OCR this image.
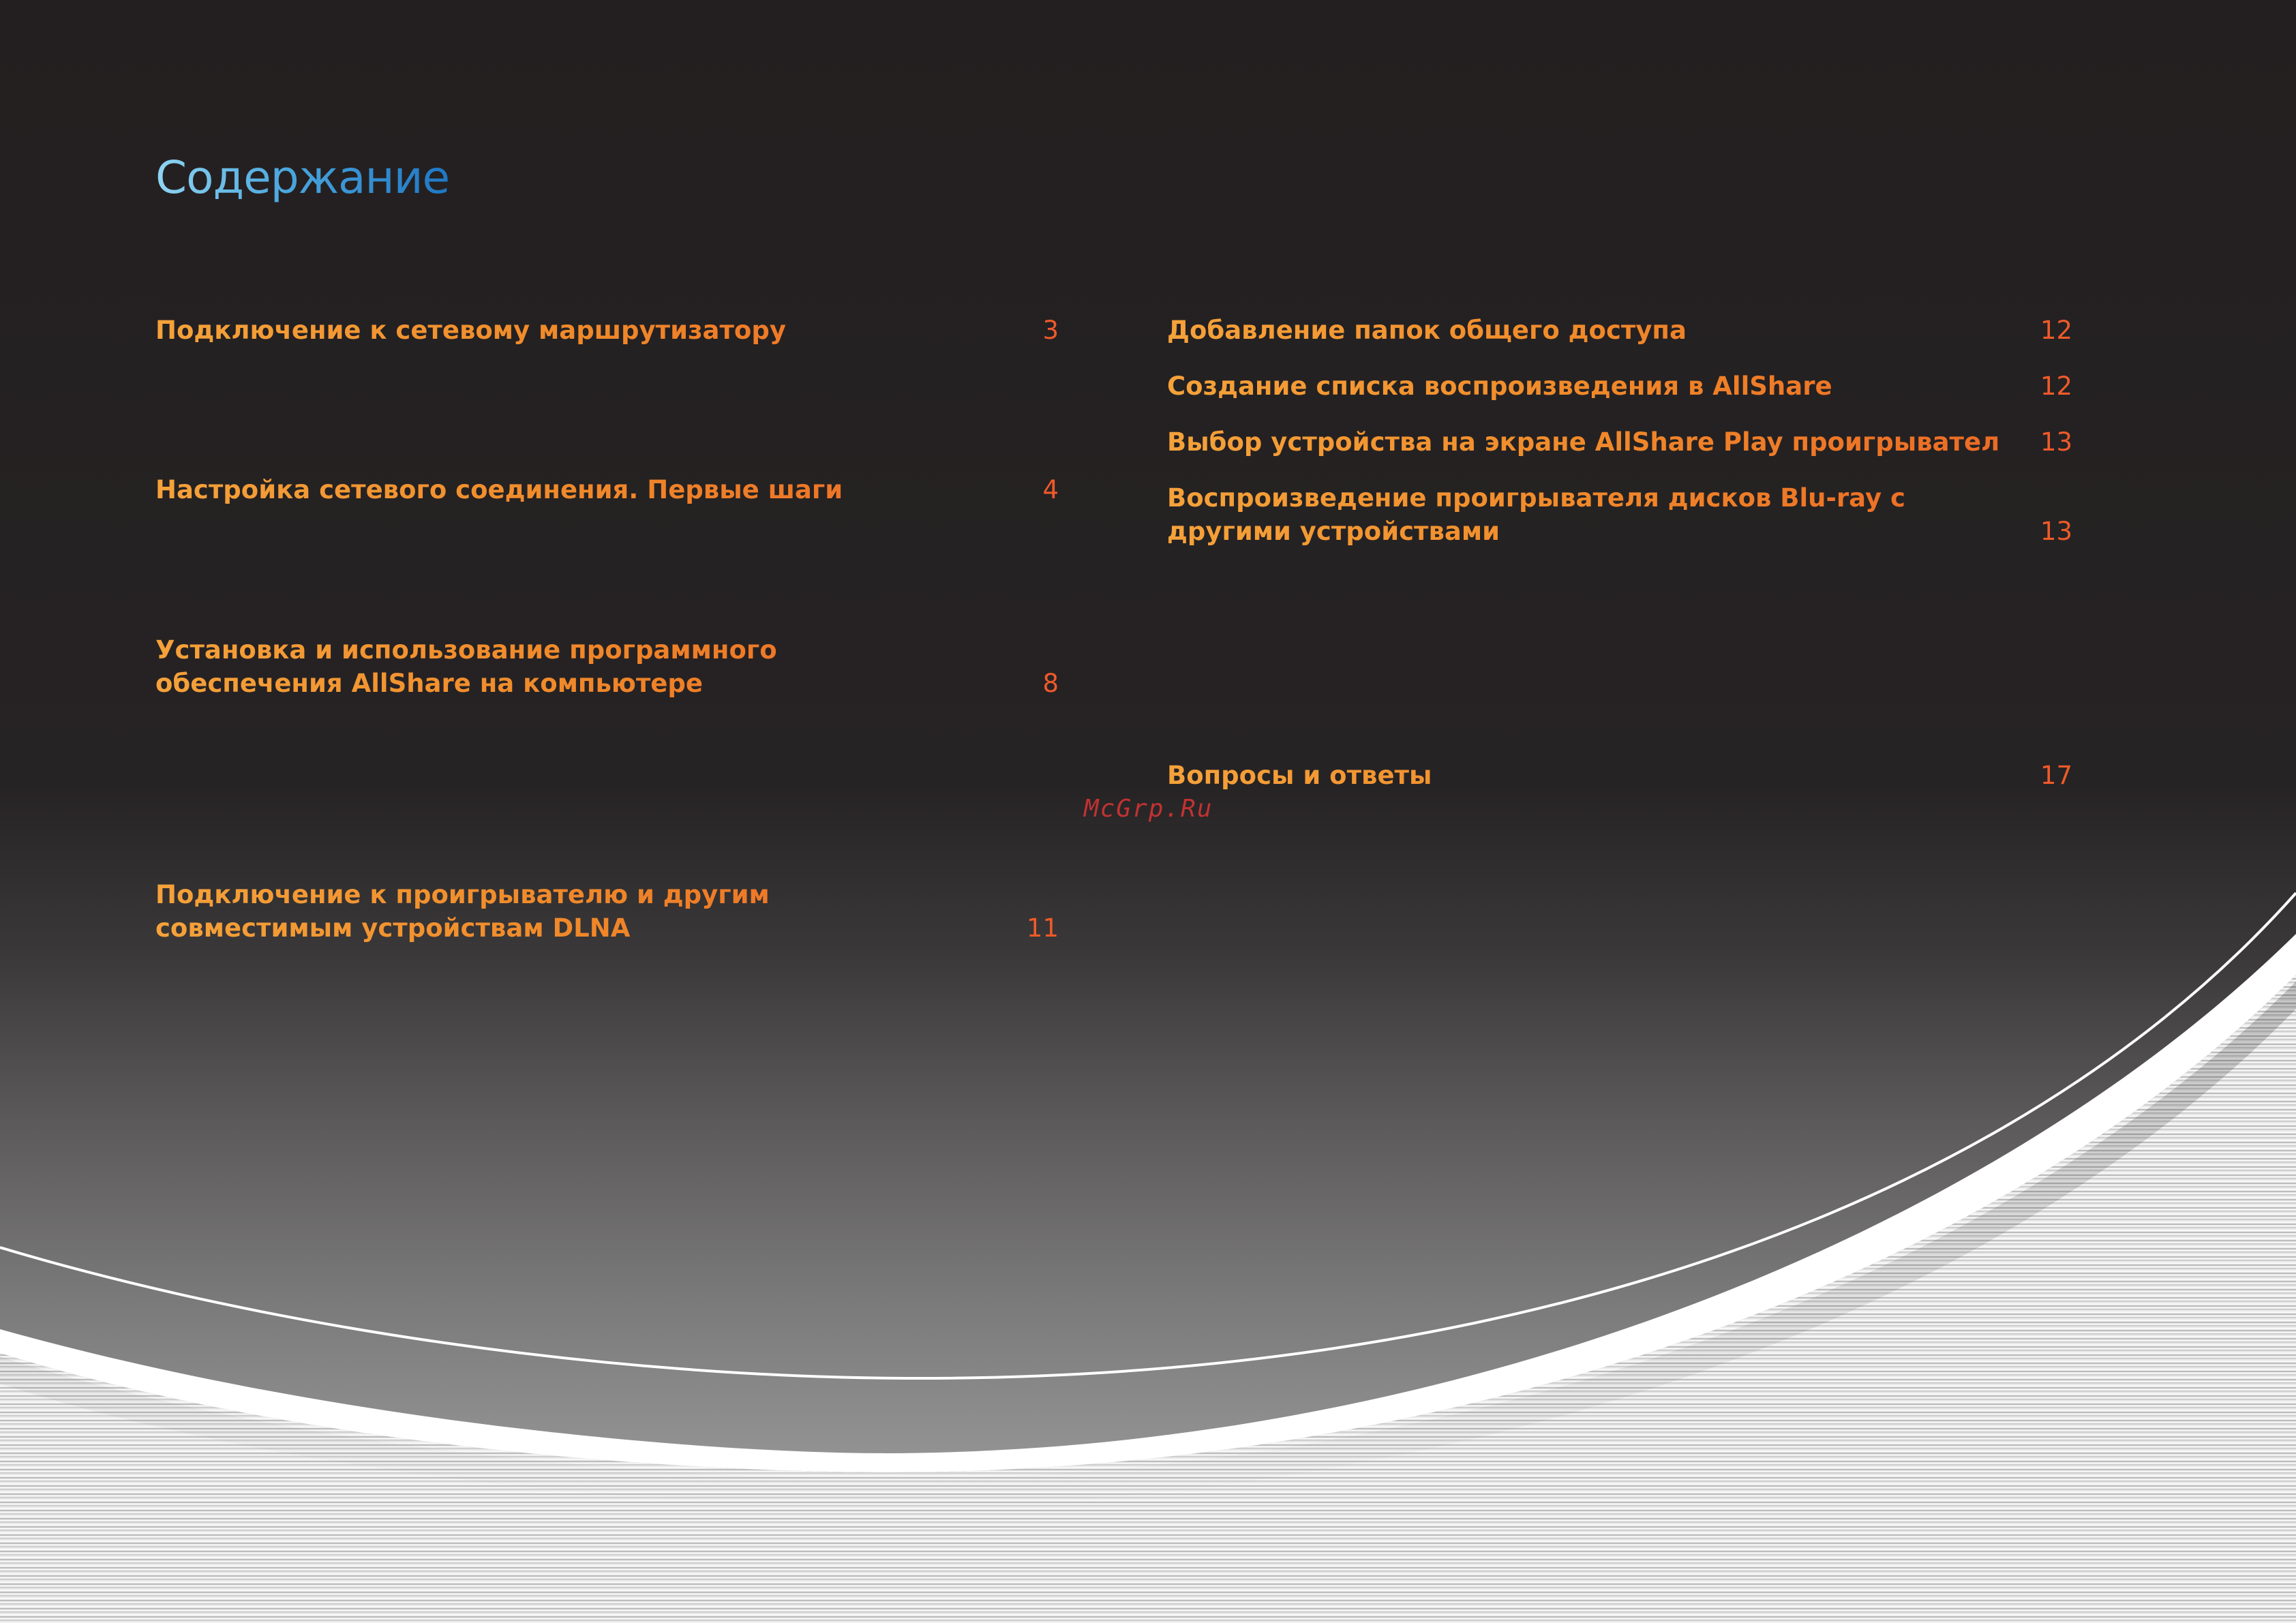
Содержание
Подключение к сетевому маршрутизатору	3
Настройка сетевого соединения. Первые шаги	4
Установка и использование программного обеспечения AllShare на компьютере	8
Подключение к проигрывателю и другим совместимым устройствам DLNA	11
Добавление папок общего доступа	12
Создание списка воспроизведения в AllShare	12
Выбор устройства на экране AllShare Play проигрывателя 13
Воспроизведение проигрывателя дисков Blu-ray с другими устройствами	13
Вопросы и ответы	17
McGrp.Ru
